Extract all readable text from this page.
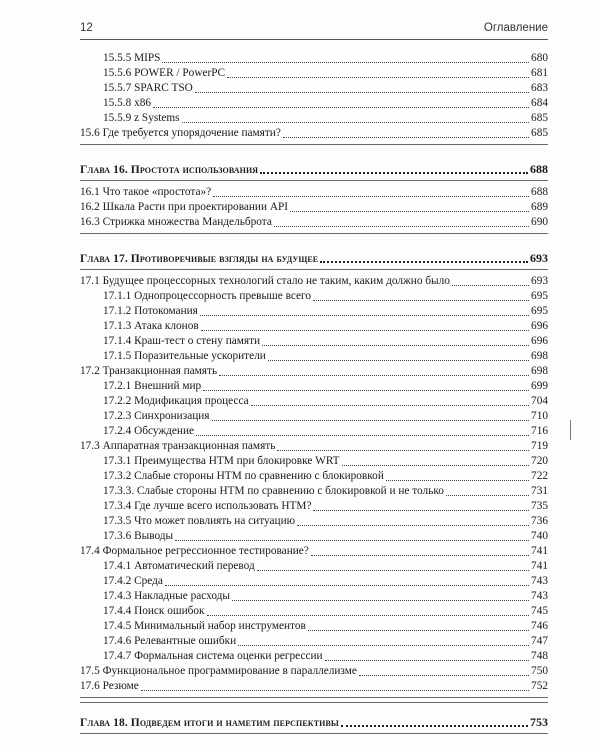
12	Оглавление
15.5.5 MIPS	680
15.5.6 POWER / PowerPC	681
15.5.7 SPARC TSO	683
15.5.8 x86	684
15.5.9 z Systems	685
15.6 Где требуется упорядочение памяти?	685
Глава 16. Простота использования	688
16.1 Что такое «простота»?	688
16.2 Шкала Расти при проектировании API	689
16.3 Стрижка множества Мандельброта	690
Глава 17. Противоречивые взгляды на будущее	693
17.1 Будущее процессорных технологий стало не таким, каким должно было	693
17.1.1 Однопроцессорность превыше всего	695
17.1.2 Потокомания	695
17.1.3 Атака клонов	696
17.1.4 Краш-тест о стену памяти	696
17.1.5 Поразительные ускорители	698
17.2 Транзакционная память	698
17.2.1 Внешний мир	699
17.2.2 Модификация процесса	704
17.2.3 Синхронизация	710
17.2.4 Обсуждение	716
17.3 Аппаратная транзакционная память	719
17.3.1 Преимущества HTM при блокировке WRT	720
17.3.2 Слабые стороны HTM по сравнению с блокировкой	722
17.3.3. Слабые стороны HTM по сравнению с блокировкой и не только	731
17.3.4 Где лучше всего использовать HTM?	735
17.3.5 Что может повлиять на ситуацию	736
17.3.6 Выводы	740
17.4 Формальное регрессионное тестирование?	741
17.4.1 Автоматический перевод	741
17.4.2 Среда	743
17.4.3 Накладные расходы	743
17.4.4 Поиск ошибок	745
17.4.5 Минимальный набор инструментов	746
17.4.6 Релевантные ошибки	747
17.4.7 Формальная система оценки регрессии	748
17.5 Функциональное программирование в параллелизме	750
17.6 Резюме	752
Глава 18. Подведем итоги и наметим перспективы	753
